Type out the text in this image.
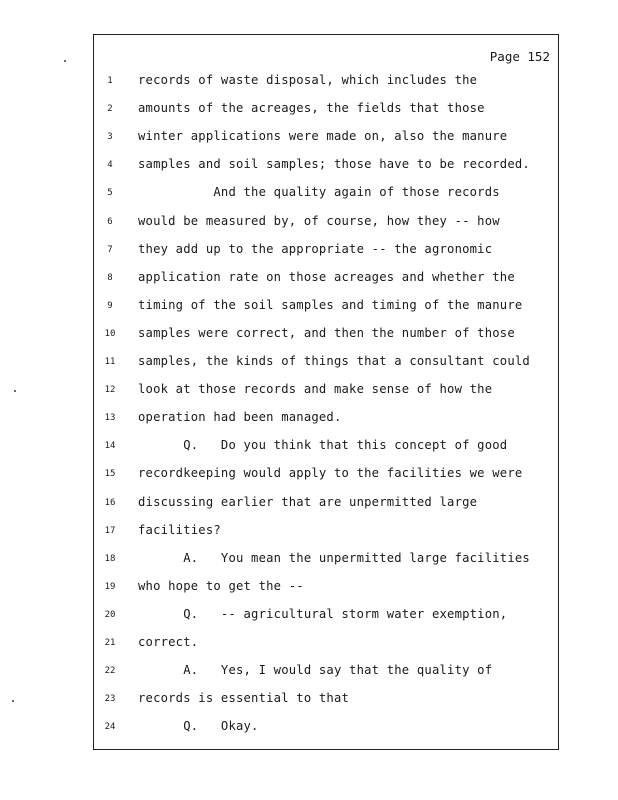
Page 152
1	records of waste disposal, which includes the
2	amounts of the acreages, the fields that those
3	winter applications were made on, also the manure
4	samples and soil samples; those have to be recorded.
5	And the quality again of those records
6	would be measured by, of course, how they -- how
7	they add up to the appropriate -- the agronomic
8	application rate on those acreages and whether the
9	timing of the soil samples and timing of the manure
10	samples were correct, and then the number of those
11	samples, the kinds of things that a consultant could
12	look at those records and make sense of how the
13	operation had been managed.
14	Q.   Do you think that this concept of good
15	recordkeeping would apply to the facilities we were
16	discussing earlier that are unpermitted large
17	facilities?
18	A.   You mean the unpermitted large facilities
19	who hope to get the --
20	Q.   -- agricultural storm water exemption,
21	correct.
22	A.   Yes, I would say that the quality of
23	records is essential to that
24	Q.   Okay.
